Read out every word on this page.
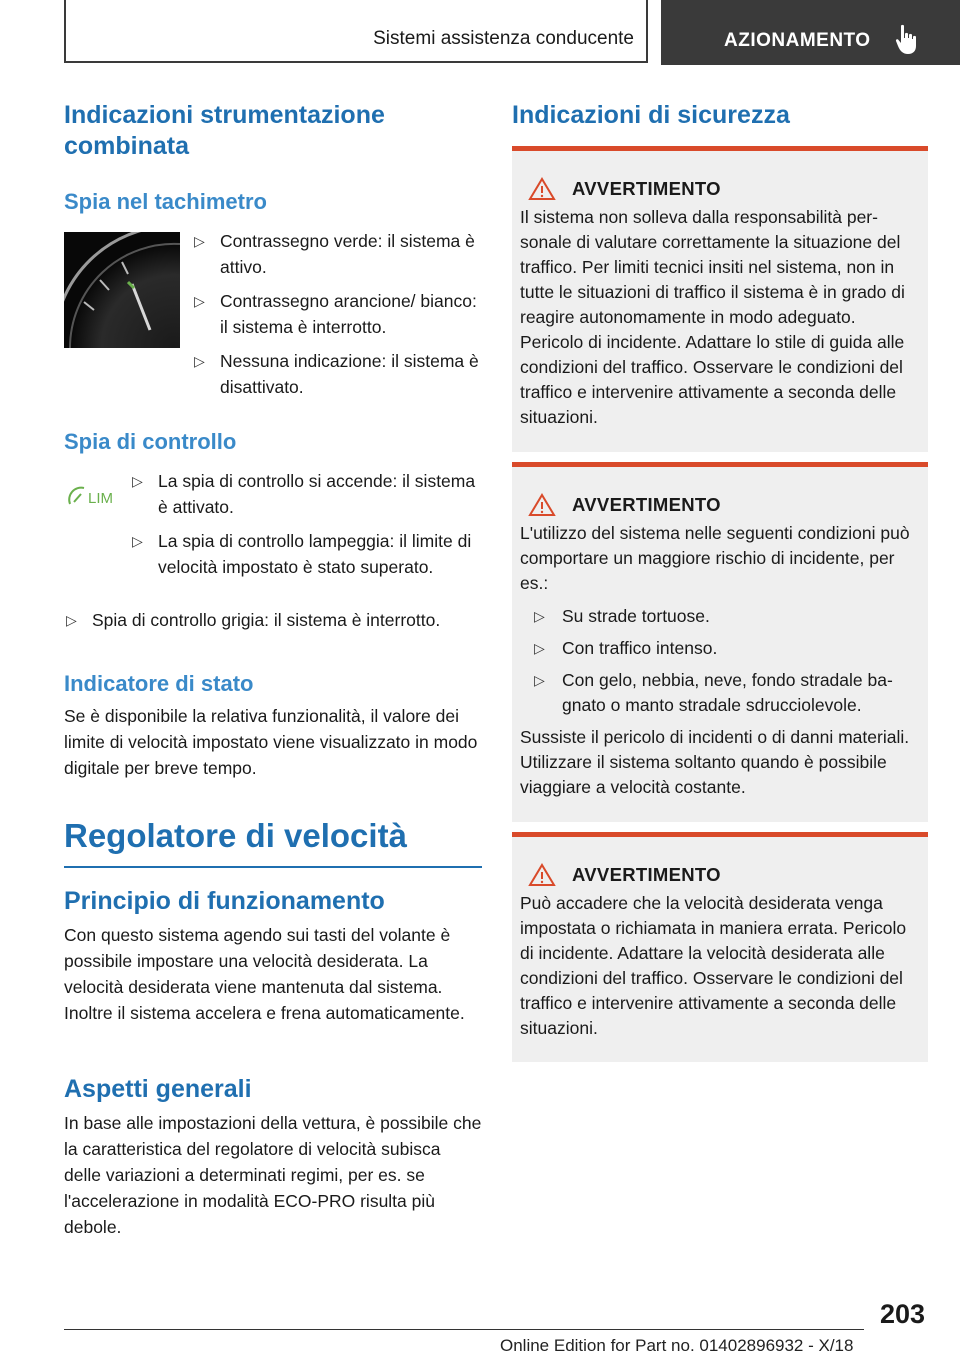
Sistemi assistenza conducente	AZIONAMENTO
Indicazioni strumentazione combinata
Spia nel tachimetro
▷ Contrassegno verde: il sistema è attivo.
▷ Contrassegno arancione/ bianco: il sistema è interrotto.
▷ Nessuna indicazione: il sistema è disattivato.
Spia di controllo
LIM
▷ La spia di controllo si accende: il sistema è attivato.
▷ La spia di controllo lampeggia: il limite di velocità impostato è stato superato.
▷ Spia di controllo grigia: il sistema è interrotto.
Indicatore di stato

Se è disponibile la relativa funzionalità, il valore dei limite di velocità impostato viene visualizzato in modo digitale per breve tempo.

Regolatore di velocità
Principio di funzionamento

Con questo sistema agendo sui tasti del volante è possibile impostare una velocità desiderata. La velocità desiderata viene mantenuta dal sistema. Inoltre il sistema accelera e frena automaticamente.

Aspetti generali

In base alle impostazioni della vettura, è possibile che la caratteristica del regolatore di velocità subisca delle variazioni a determinati regimi, per es. se l'accelerazione in modalità ECO-PRO risulta più debole.

Indicazioni di sicurezza
AVVERTIMENTO

Il sistema non solleva dalla responsabilità personale di valutare correttamente la situazione del traffico. Per limiti tecnici insiti nel sistema, non in tutte le situazioni di traffico il sistema è in grado di reagire autonomamente in modo adeguato. Pericolo di incidente. Adattare lo stile di guida alle condizioni del traffico. Osservare le condizioni del traffico e intervenire attivamente a seconda delle situazioni.

AVVERTIMENTO

L'utilizzo del sistema nelle seguenti condizioni può comportare un maggiore rischio di incidente, per es.:

▷ Su strade tortuose.
▷ Con traffico intenso.
▷ Con gelo, nebbia, neve, fondo stradale bagnato o manto stradale sdrucciolevole.

Sussiste il pericolo di incidenti o di danni materiali. Utilizzare il sistema soltanto quando è possibile viaggiare a velocità costante.

AVVERTIMENTO

Può accadere che la velocità desiderata venga impostata o richiamata in maniera errata. Pericolo di incidente. Adattare la velocità desiderata alle condizioni del traffico. Osservare le condizioni del traffico e intervenire attivamente a seconda delle situazioni.

203
Online Edition for Part no. 01402896932 - X/18
